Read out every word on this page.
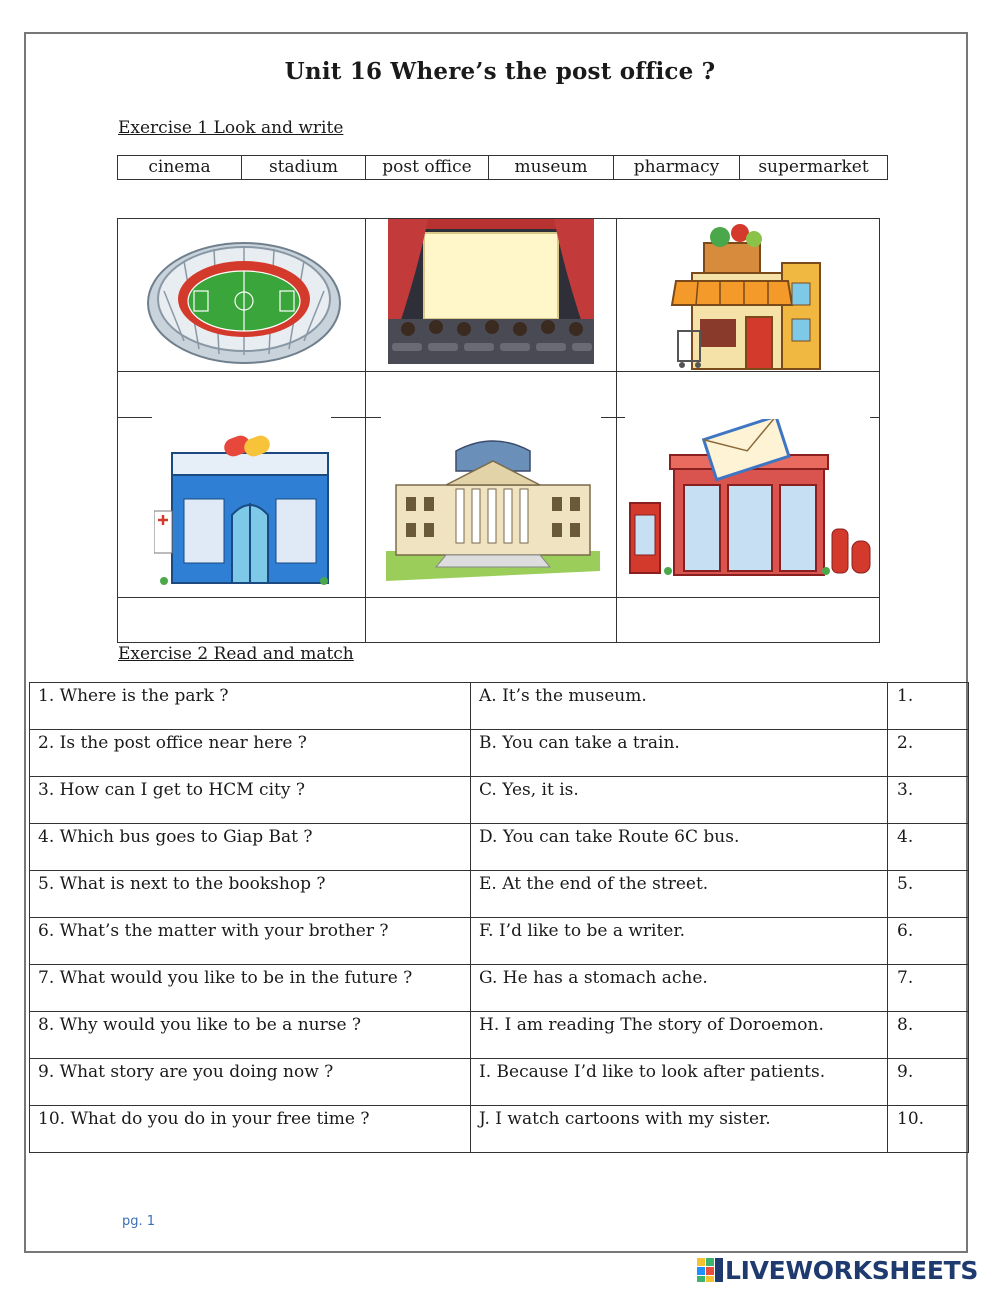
Unit 16 Where’s the post office ?
Exercise 1 Look and write
cinema	stadium	post office	museum	pharmacy	supermarket
Exercise 2 Read and match
1. Where is the park ?	A. It’s the museum.	1.
2. Is the post office near here ?	B. You can take a train.	2.
3. How can I get to HCM city ?	C. Yes, it is.	3.
4. Which bus goes to Giap Bat ?	D. You can take Route 6C bus.	4.
5. What is next to the bookshop ?	E. At the end of the street.	5.
6. What’s the matter with your brother ?	F. I’d like to be a writer.	6.
7. What would you like to be in the future ?	G. He has a stomach ache.	7.
8. Why would you like to be a nurse ?	H. I am reading The story of Doroemon.	8.
9. What story are you doing now ?	I. Because I’d like to look after patients.	9.
10. What do you do in your free time ?	J. I watch cartoons with my sister.	10.
pg. 1
LIVEWORKSHEETS
